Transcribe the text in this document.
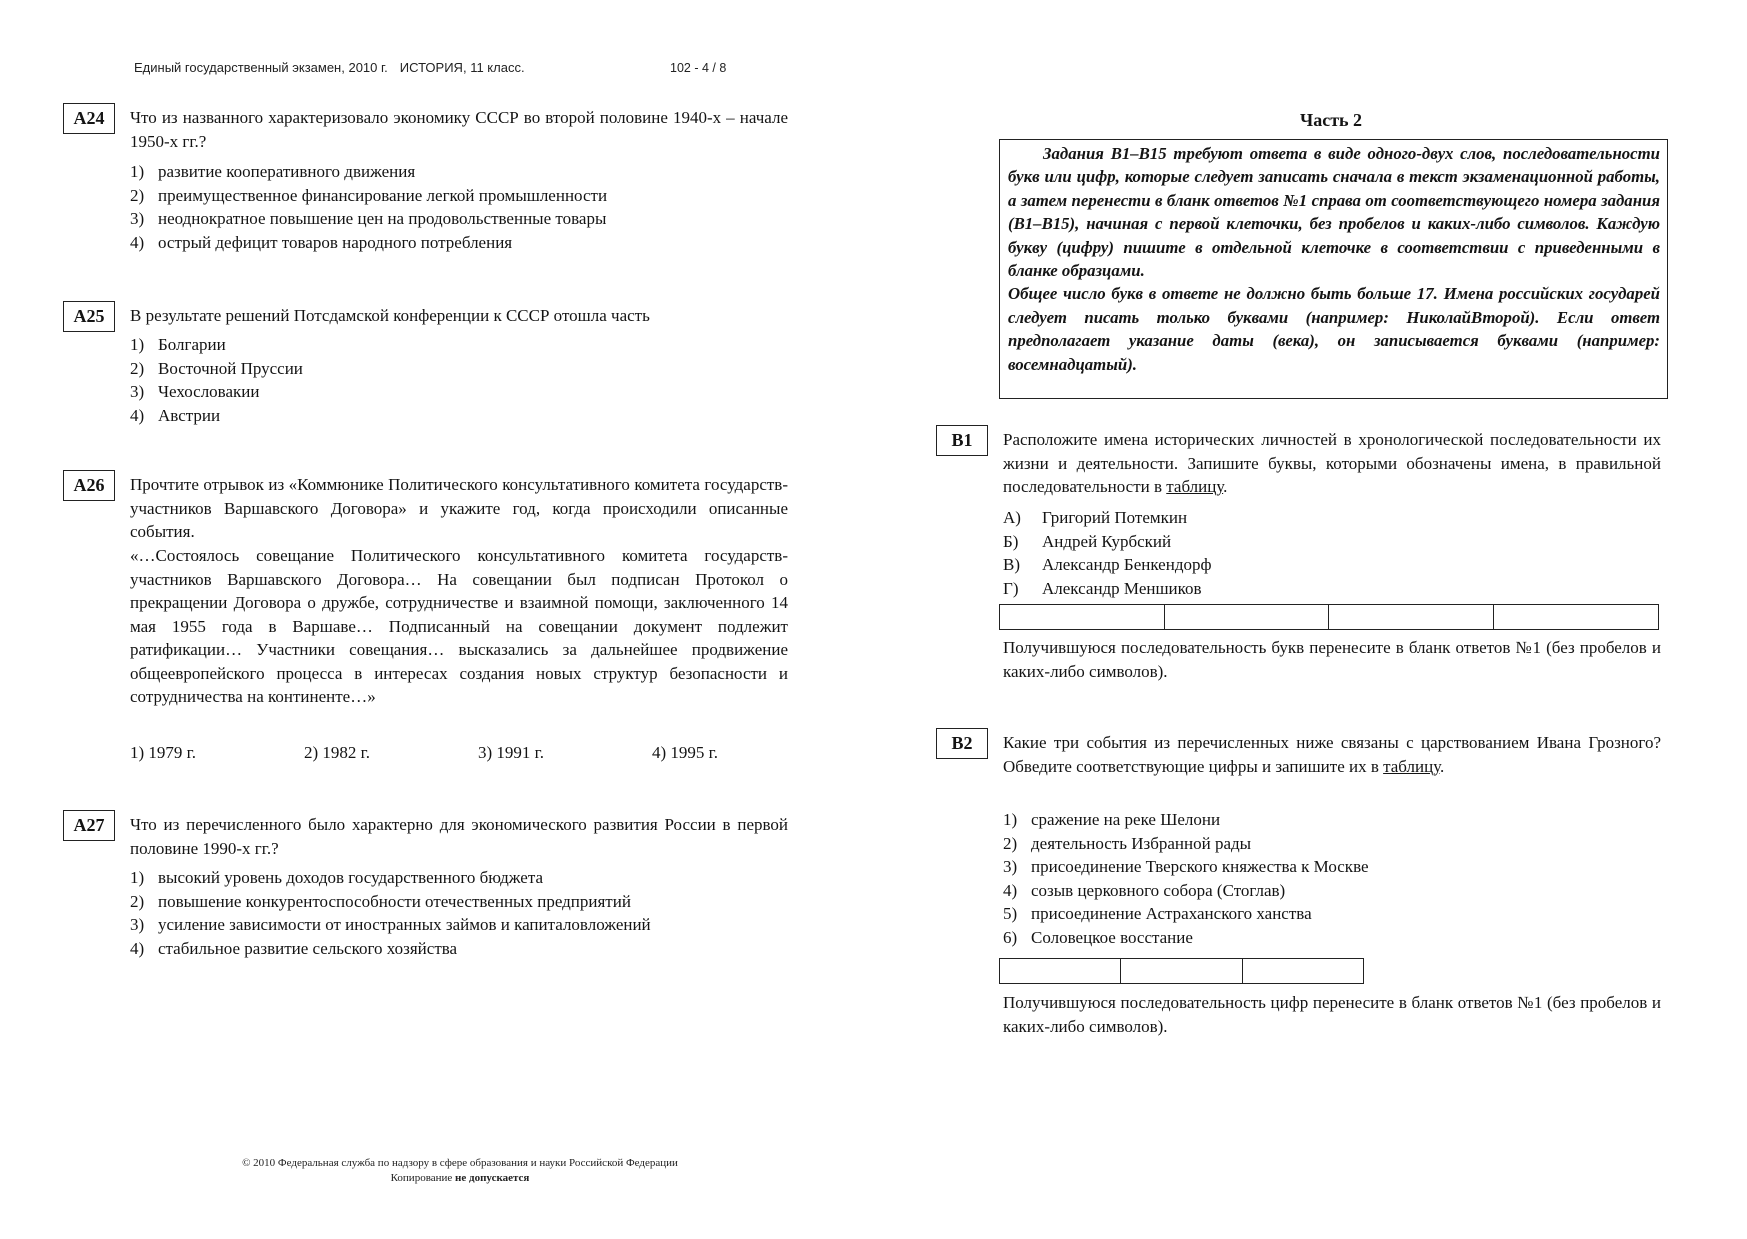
Единый государственный экзамен, 2010 г. ИСТОРИЯ, 11 класс.	102 - 4 / 8
A24	Что из названного характеризовало экономику СССР во второй половине 1940-х – начале 1950-х гг.?
1) развитие кооперативного движения
2) преимущественное финансирование легкой промышленности
3) неоднократное повышение цен на продовольственные товары
4) острый дефицит товаров народного потребления
A25	В результате решений Потсдамской конференции к СССР отошла часть
1) Болгарии
2) Восточной Пруссии
3) Чехословакии
4) Австрии
A26	Прочтите отрывок из «Коммюнике Политического консультативного комитета государств-участников Варшавского Договора» и укажите год, когда происходили описанные события.
«…Состоялось совещание Политического консультативного комитета государств-участников Варшавского Договора… На совещании был подписан Протокол о прекращении Договора о дружбе, сотрудничестве и взаимной помощи, заключенного 14 мая 1955 года в Варшаве… Подписанный на совещании документ подлежит ратификации… Участники совещания… высказались за дальнейшее продвижение общеевропейского процесса в интересах создания новых структур безопасности и сотрудничества на континенте…»
1) 1979 г.	2) 1982 г.	3) 1991 г.	4) 1995 г.
A27	Что из перечисленного было характерно для экономического развития России в первой половине 1990-х гг.?
1) высокий уровень доходов государственного бюджета
2) повышение конкурентоспособности отечественных предприятий
3) усиление зависимости от иностранных займов и капиталовложений
4) стабильное развитие сельского хозяйства
Часть 2

Задания В1–В15 требуют ответа в виде одного-двух слов, последовательности букв или цифр, которые следует записать сначала в текст экзаменационной работы, а затем перенести в бланк ответов №1 справа от соответствующего номера задания (В1–В15), начиная с первой клеточки, без пробелов и каких-либо символов. Каждую букву (цифру) пишите в отдельной клеточке в соответствии с приведенными в бланке образцами.

Общее число букв в ответе не должно быть больше 17. Имена российских государей следует писать только буквами (например: НиколайВторой). Если ответ предполагает указание даты (века), он записывается буквами (например: восемнадцатый).

B1	Расположите имена исторических личностей в хронологической последовательности их жизни и деятельности. Запишите буквы, которыми обозначены имена, в правильной последовательности в таблицу.
А) Григорий Потемкин
Б) Андрей Курбский
В) Александр Бенкендорф
Г) Александр Меншиков
Получившуюся последовательность букв перенесите в бланк ответов №1 (без пробелов и каких-либо символов).
B2	Какие три события из перечисленных ниже связаны с царствованием Ивана Грозного? Обведите соответствующие цифры и запишите их в таблицу.
1) сражение на реке Шелони
2) деятельность Избранной рады
3) присоединение Тверского княжества к Москве
4) созыв церковного собора (Стоглав)
5) присоединение Астраханского ханства
6) Соловецкое восстание
Получившуюся последовательность цифр перенесите в бланк ответов №1 (без пробелов и каких-либо символов).
© 2010 Федеральная служба по надзору в сфере образования и науки Российской Федерации
Копирование не допускается
